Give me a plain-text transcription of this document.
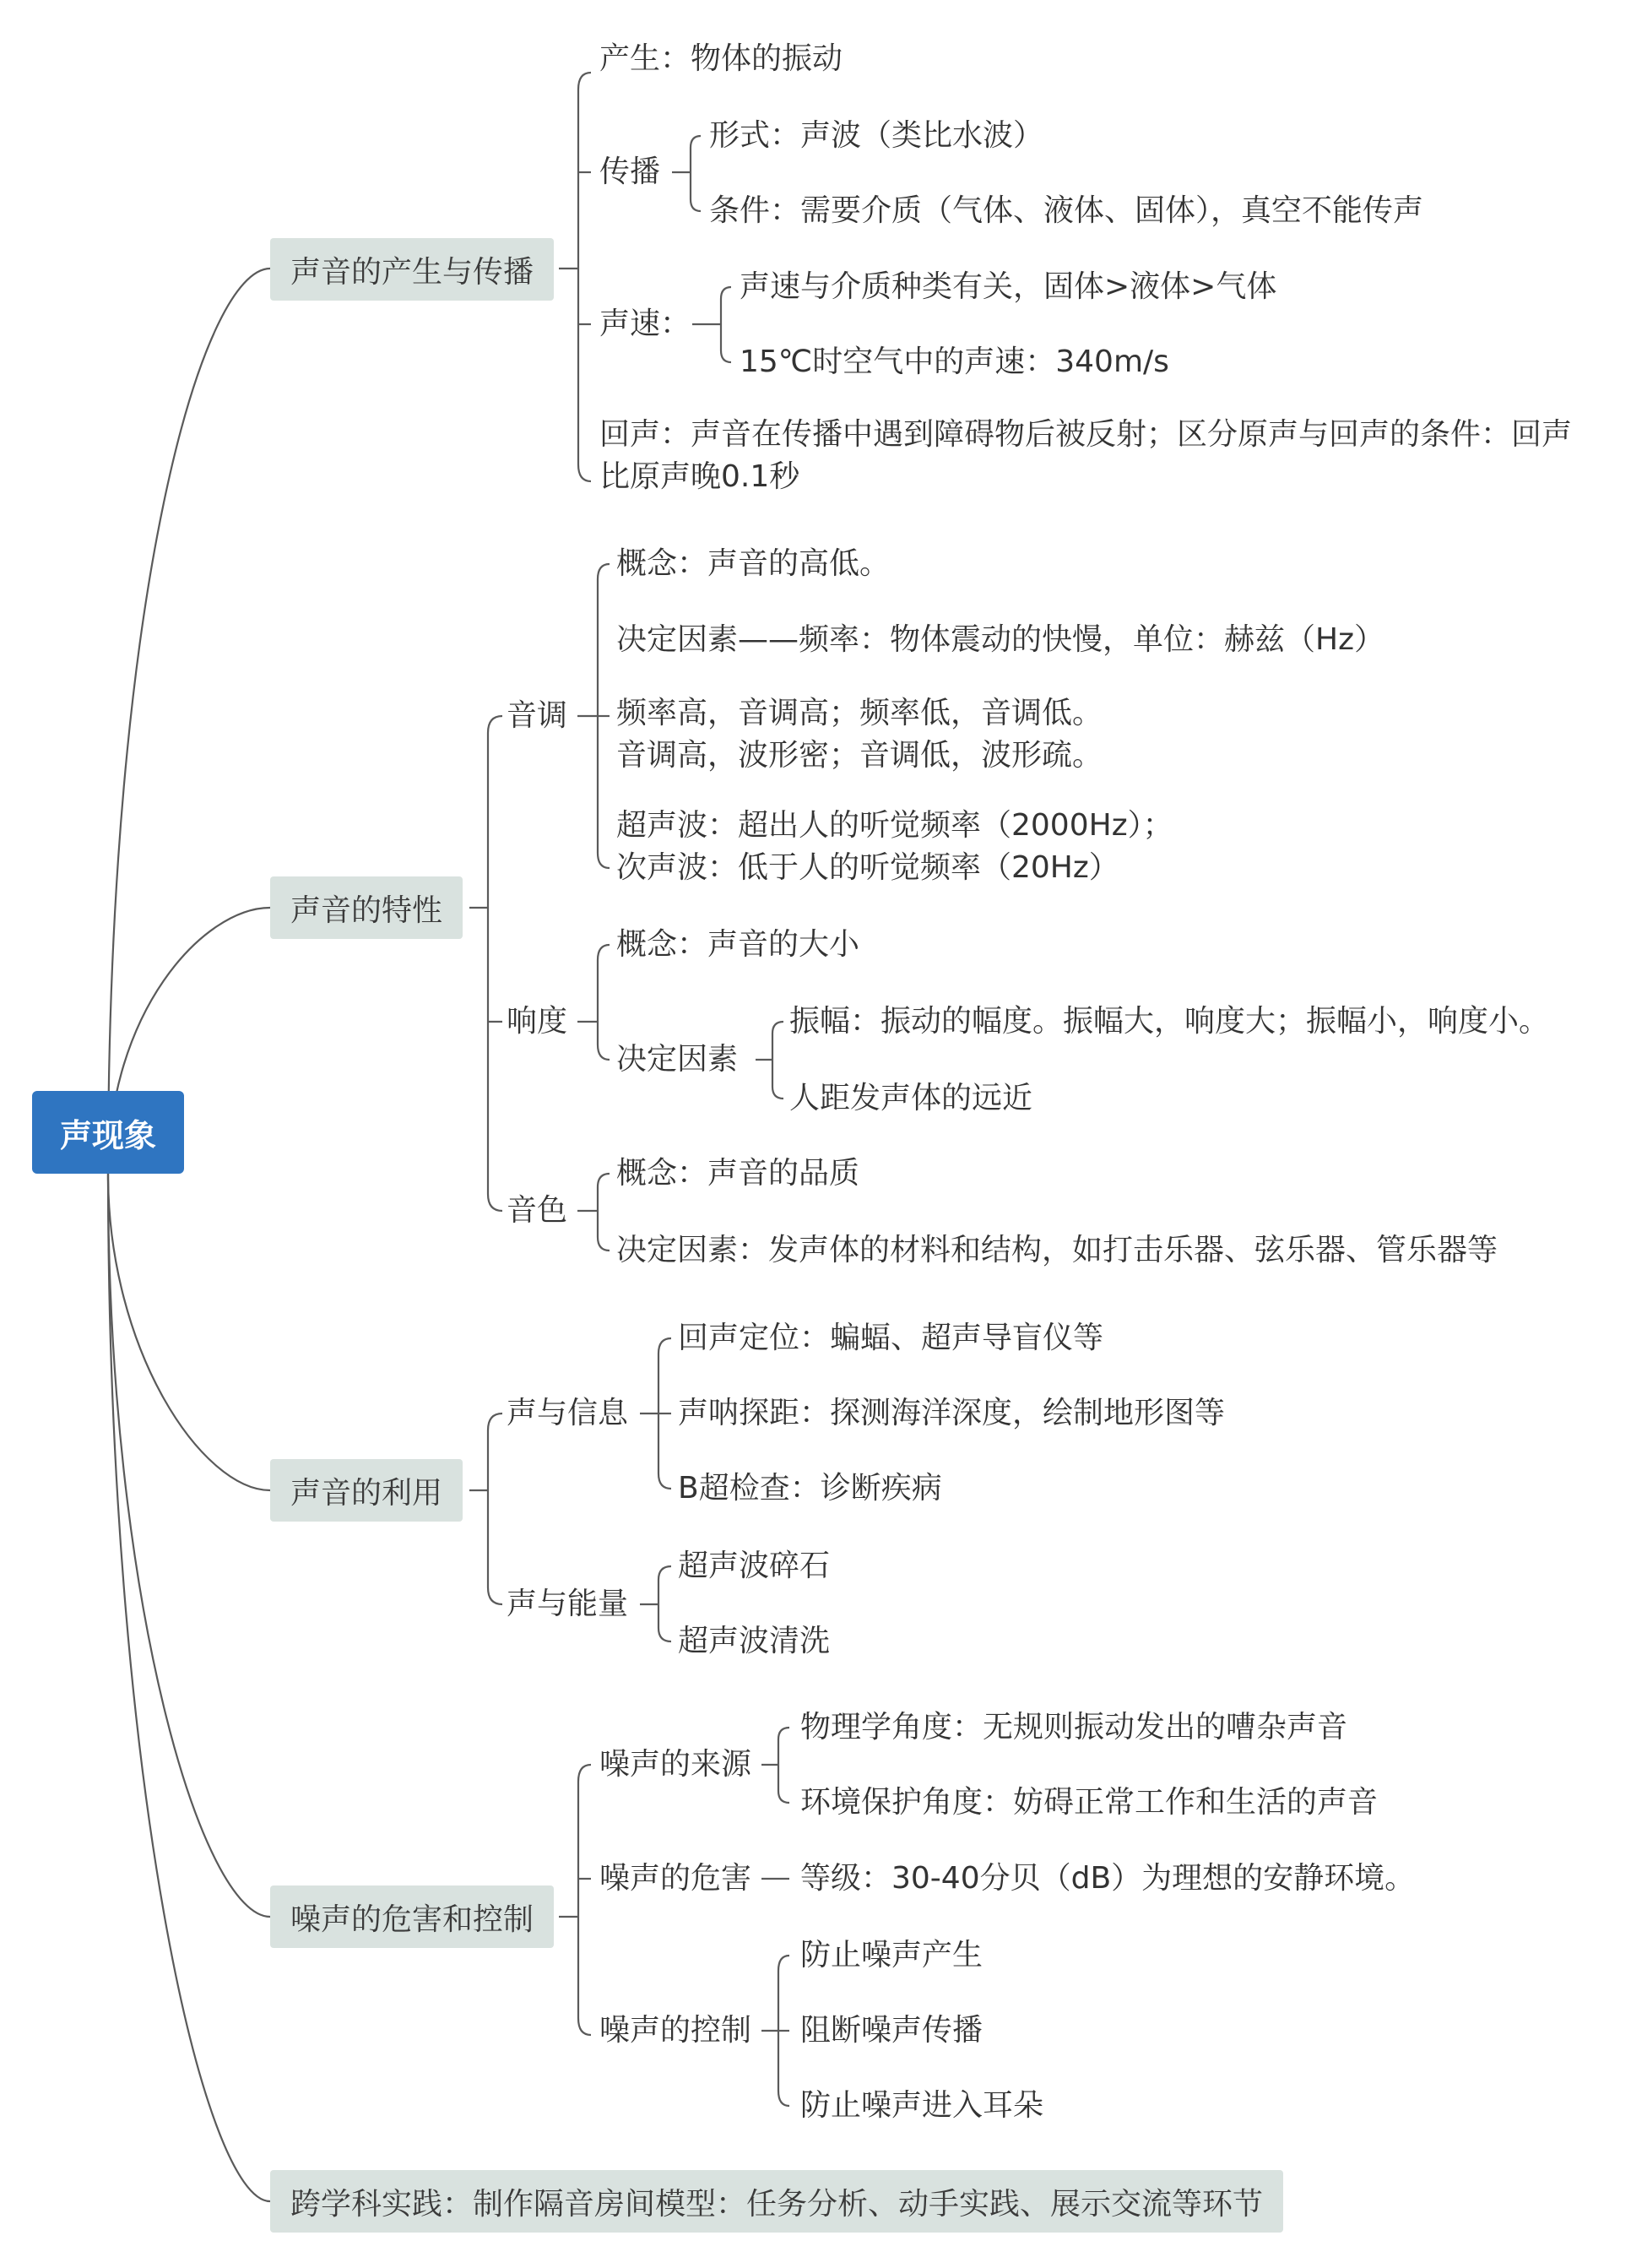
声现象
声音的产生与传播
声音的特性
声音的利用
噪声的危害和控制
跨学科实践：制作隔音房间模型：任务分析、动手实践、展示交流等环节
产生：物体的振动
传播
形式：声波（类比水波）
条件：需要介质（气体、液体、固体），真空不能传声
声速：
声速与介质种类有关，固体>液体>气体
15℃时空气中的声速：340m/s
回声：声音在传播中遇到障碍物后被反射；区分原声与回声的条件：回声比原声晚0.1秒
音调
概念：声音的高低。
决定因素——频率：物体震动的快慢，单位：赫兹（Hz）
频率高，音调高；频率低，音调低。
音调高，波形密；音调低，波形疏。
超声波：超出人的听觉频率（2000Hz）；
次声波：低于人的听觉频率（20Hz）
响度
概念：声音的大小
决定因素
振幅：振动的幅度。振幅大，响度大；振幅小，响度小。
人距发声体的远近
音色
概念：声音的品质
决定因素：发声体的材料和结构，如打击乐器、弦乐器、管乐器等
声与信息
回声定位：蝙蝠、超声导盲仪等
声呐探距：探测海洋深度，绘制地形图等
B超检查：诊断疾病
声与能量
超声波碎石
超声波清洗
噪声的来源
物理学角度：无规则振动发出的嘈杂声音
环境保护角度：妨碍正常工作和生活的声音
噪声的危害 等级：30-40分贝（dB）为理想的安静环境。
噪声的控制
防止噪声产生
阻断噪声传播
防止噪声进入耳朵
